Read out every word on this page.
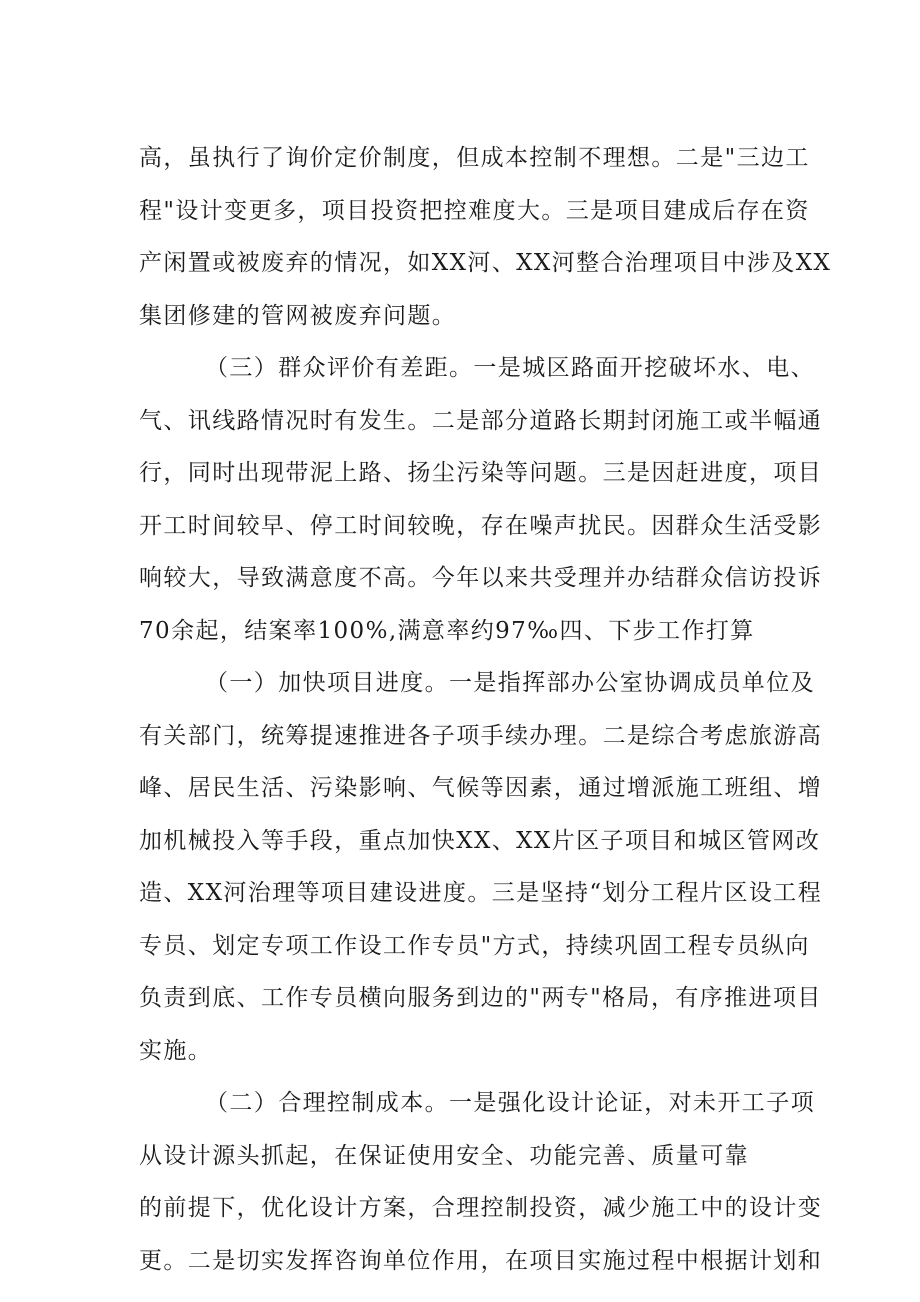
高，虽执行了询价定价制度，但成本控制不理想。二是"三边工
程"设计变更多，项目投资把控难度大。三是项目建成后存在资
产闲置或被废弃的情况，如XX河、XX河整合治理项目中涉及XX
集团修建的管网被废弃问题。
（三）群众评价有差距。一是城区路面开挖破坏水、电、
气、讯线路情况时有发生。二是部分道路长期封闭施工或半幅通
行，同时出现带泥上路、扬尘污染等问题。三是因赶进度，项目
开工时间较早、停工时间较晚，存在噪声扰民。因群众生活受影
响较大，导致满意度不高。今年以来共受理并办结群众信访投诉
70余起，结案率100%,满意率约97‰四、下步工作打算
（一）加快项目进度。一是指挥部办公室协调成员单位及
有关部门，统筹提速推进各子项手续办理。二是综合考虑旅游高
峰、居民生活、污染影响、气候等因素，通过增派施工班组、增
加机械投入等手段，重点加快XX、XX片区子项目和城区管网改
造、XX河治理等项目建设进度。三是坚持“划分工程片区设工程
专员、划定专项工作设工作专员"方式，持续巩固工程专员纵向
负责到底、工作专员横向服务到边的"两专"格局，有序推进项目
实施。
（二）合理控制成本。一是强化设计论证，对未开工子项
从设计源头抓起，在保证使用安全、功能完善、质量可靠
的前提下，优化设计方案，合理控制投资，减少施工中的设计变
更。二是切实发挥咨询单位作用，在项目实施过程中根据计划和
